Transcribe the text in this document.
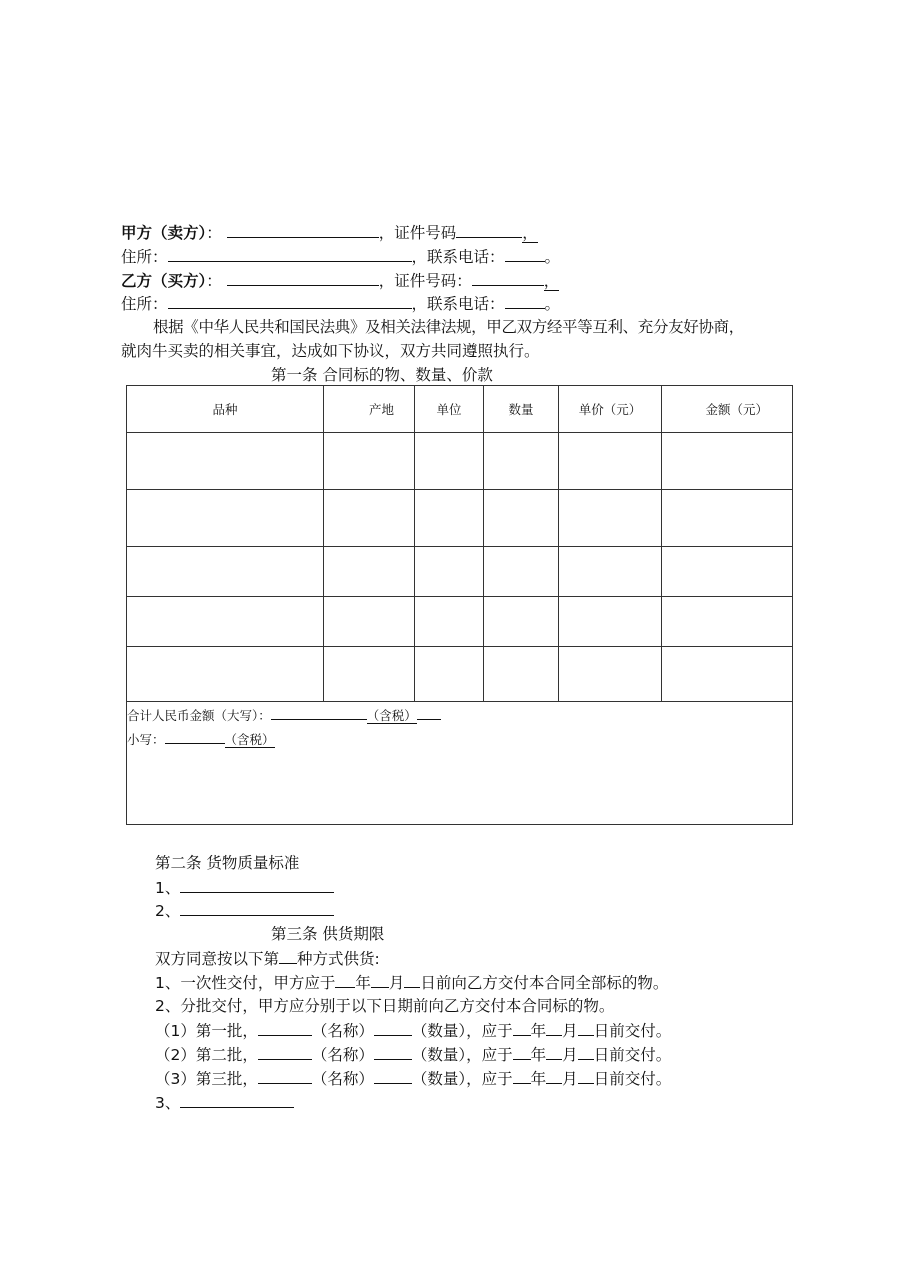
甲方（卖方）：	，证件号码	，
住所：	，联系电话：	。
乙方（买方）：	，证件号码：	，
住所：	，联系电话：	。
根据《中华人民共和国民法典》及相关法律法规，甲乙双方经平等互利、充分友好协商，
就肉牛买卖的相关事宜，达成如下协议，双方共同遵照执行。
第一条 合同标的物、数量、价款
品种	产地	单位	数量	单价（元）	金额（元）

合计人民币金额（大写）： （含税）
小写： （含税）					
第二条 货物质量标准
1、
2、
第三条 供货期限
双方同意按以下第 种方式供货:
1、一次性交付，甲方应于 年 月 日前向乙方交付本合同全部标的物。
2、分批交付，甲方应分别于以下日期前向乙方交付本合同标的物。
（1）第一批，	（名称） （数量），应于 年 月 日前交付。
（2）第二批，	（名称） （数量），应于 年 月 日前交付。
（3）第三批，	（名称） （数量），应于 年 月 日前交付。
3、
